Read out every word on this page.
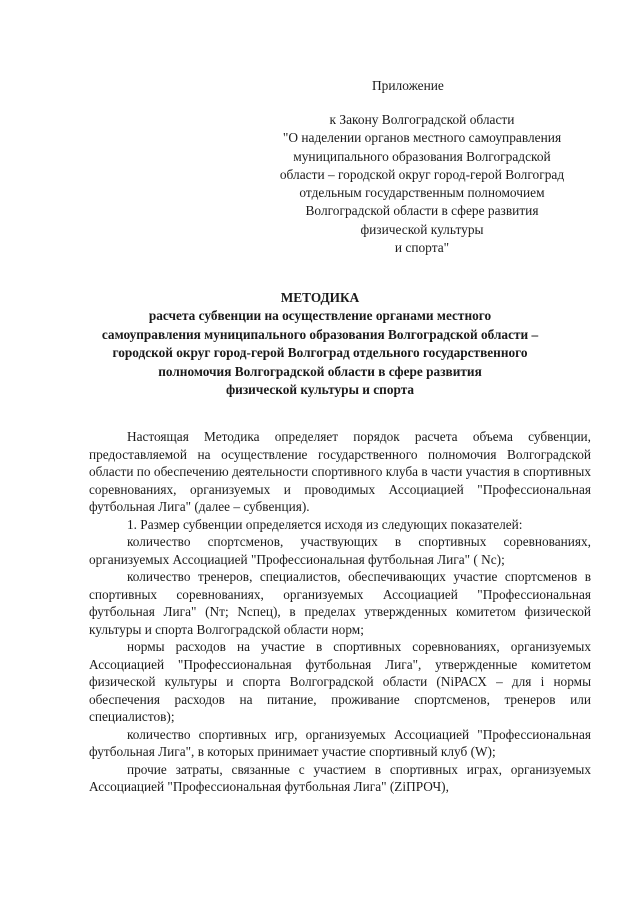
Приложение
к Закону Волгоградской области
"О наделении органов местного самоуправления
муниципального образования Волгоградской
области – городской округ город-герой Волгоград
отдельным государственным полномочием
Волгоградской области в сфере развития
физической культуры
и спорта"
МЕТОДИКА
расчета субвенции на осуществление органами местного
самоуправления муниципального образования Волгоградской области –
городской округ город-герой Волгоград отдельного государственного
полномочия Волгоградской области в сфере развития
физической культуры и спорта

Настоящая Методика определяет порядок расчета объема субвенции, предоставляемой на осуществление государственного полномочия Волгоградской области по обеспечению деятельности спортивного клуба в части участия в спортивных соревнованиях, организуемых и проводимых Ассоциацией "Профессиональная футбольная Лига" (далее – субвенция).

1. Размер субвенции определяется исходя из следующих показателей:

количество спортсменов, участвующих в спортивных соревнованиях, организуемых Ассоциацией "Профессиональная футбольная Лига" ( Nс);

количество тренеров, специалистов, обеспечивающих участие спортсменов в спортивных соревнованиях, организуемых Ассоциацией "Профессиональная футбольная Лига" (Nт; Nспец), в пределах утвержденных комитетом физической культуры и спорта Волгоградской области норм;

нормы расходов на участие в спортивных соревнованиях, организуемых Ассоциацией "Профессиональная футбольная Лига", утвержденные комитетом физической культуры и спорта Волгоградской области (NiРАСХ – для i нормы обеспечения расходов на питание, проживание спортсменов, тренеров или специалистов);

количество спортивных игр, организуемых Ассоциацией "Профессиональная футбольная Лига", в которых принимает участие спортивный клуб (W);

прочие затраты, связанные с участием в спортивных играх, организуемых Ассоциацией "Профессиональная футбольная Лига" (ZiПРОЧ),
